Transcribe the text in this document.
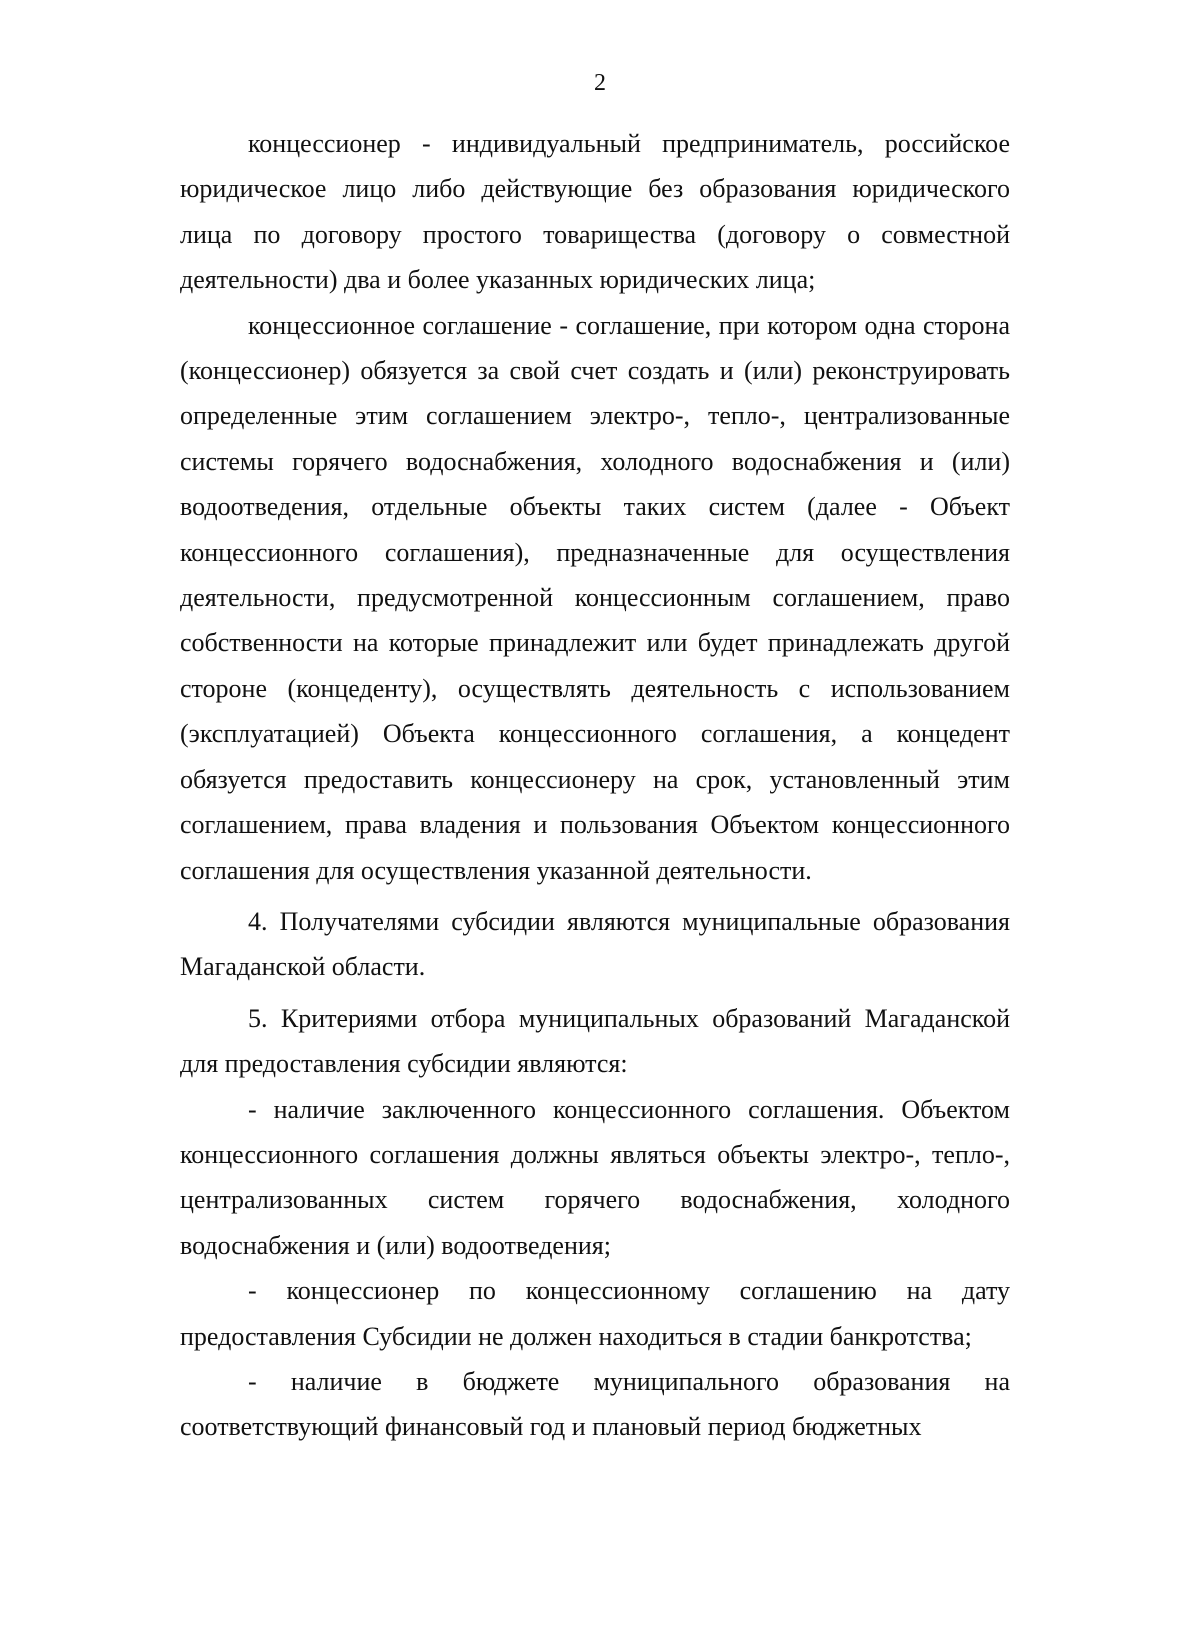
2

концессионер - индивидуальный предприниматель, российское юридическое лицо либо действующие без образования юридического лица по договору простого товарищества (договору о совместной деятельности) два и более указанных юридических лица;

концессионное соглашение - соглашение, при котором одна сторона (концессионер) обязуется за свой счет создать и (или) реконструировать определенные этим соглашением электро-, тепло-, централизованные системы горячего водоснабжения, холодного водоснабжения и (или) водоотведения, отдельные объекты таких систем (далее - Объект концессионного соглашения), предназначенные для осуществления деятельности, предусмотренной концессионным соглашением, право собственности на которые принадлежит или будет принадлежать другой стороне (концеденту), осуществлять деятельность с использованием (эксплуатацией) Объекта концессионного соглашения, а концедент обязуется предоставить концессионеру на срок, установленный этим соглашением, права владения и пользования Объектом концессионного соглашения для осуществления указанной деятельности.

4. Получателями субсидии являются муниципальные образования Магаданской области.

5. Критериями отбора муниципальных образований Магаданской для предоставления субсидии являются:

- наличие заключенного концессионного соглашения. Объектом концессионного соглашения должны являться объекты электро-, тепло-, централизованных систем горячего водоснабжения, холодного водоснабжения и (или) водоотведения;

- концессионер по концессионному соглашению на дату предоставления Субсидии не должен находиться в стадии банкротства;

- наличие в бюджете муниципального образования на соответствующий финансовый год и плановый период бюджетных
